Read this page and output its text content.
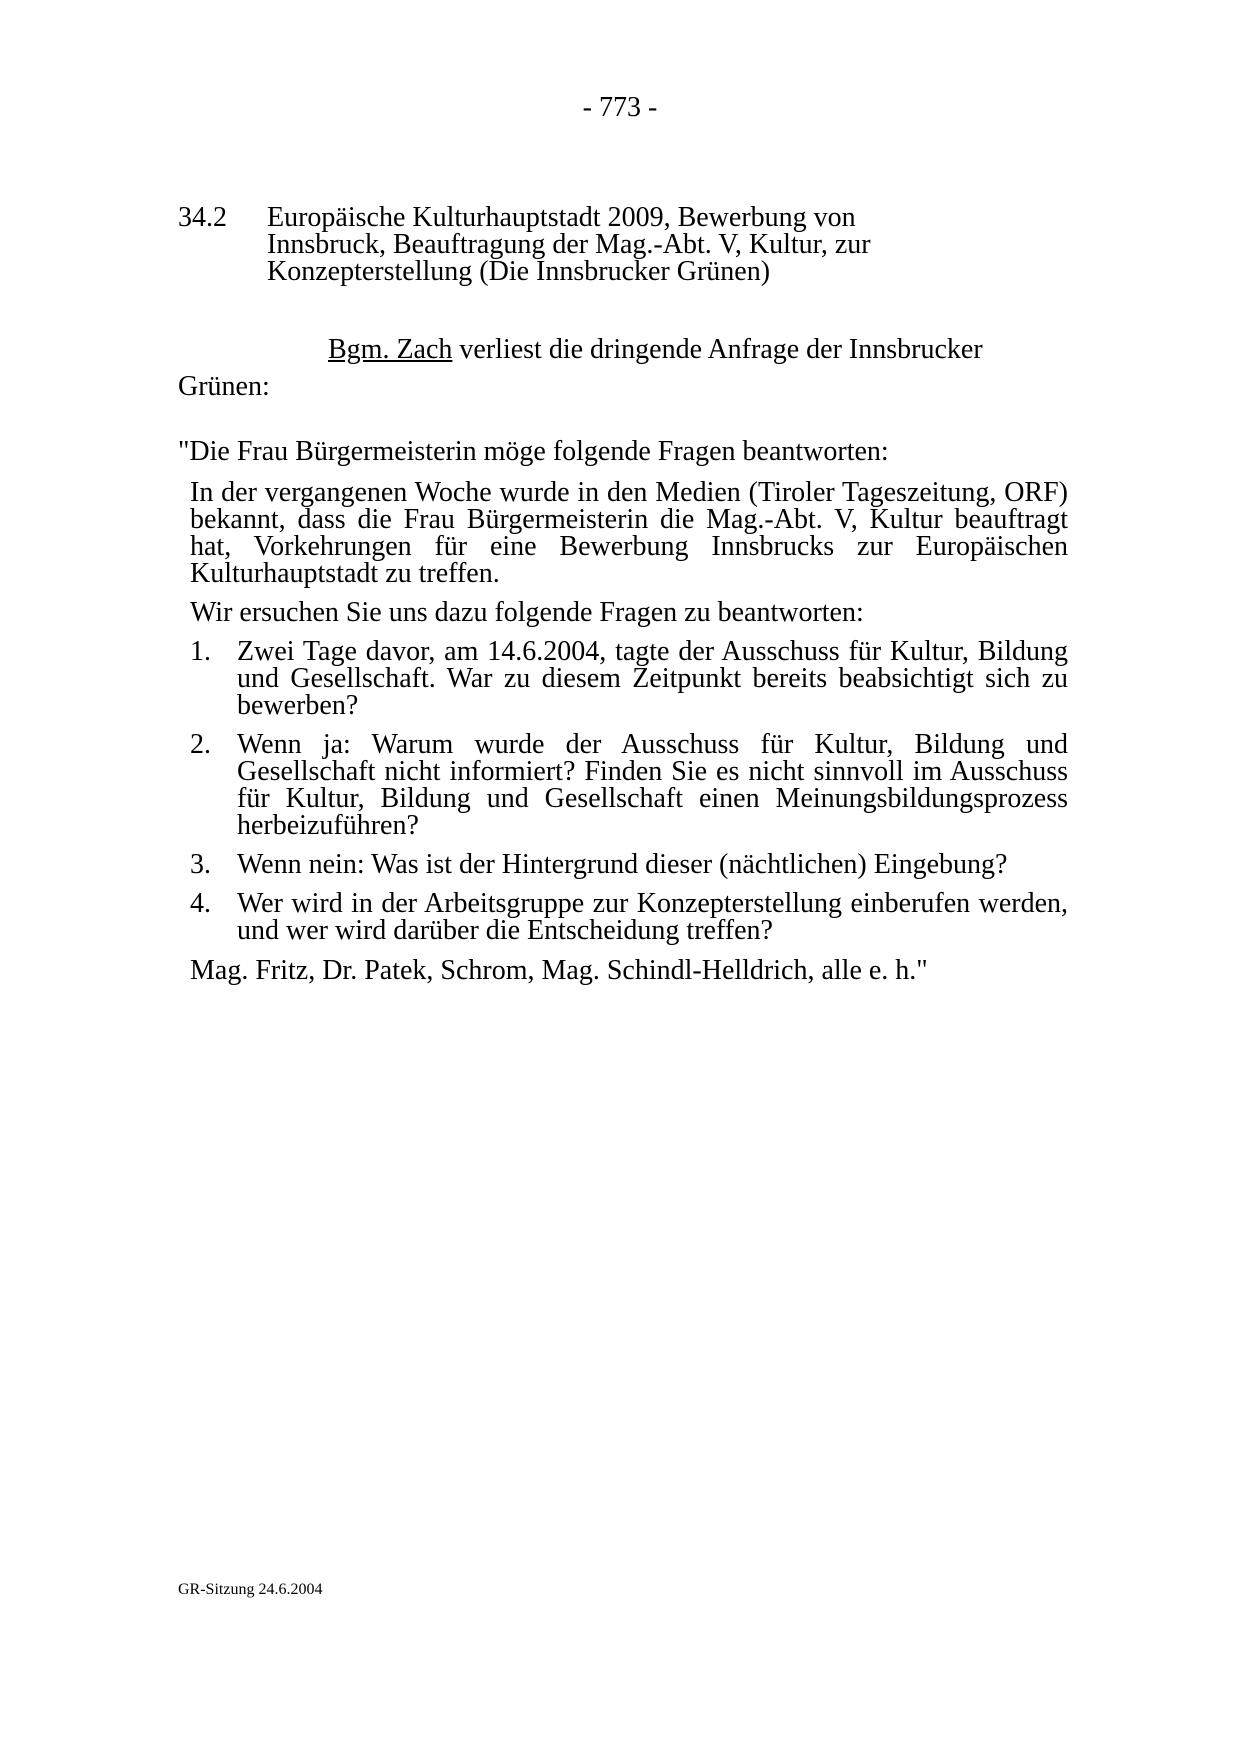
- 773 -
34.2	Europäische Kulturhauptstadt 2009, Bewerbung von Innsbruck, Beauftragung der Mag.-Abt. V, Kultur, zur Konzepterstellung (Die Innsbrucker Grünen)
Bgm. Zach verliest die dringende Anfrage der Innsbrucker Grünen:
"Die Frau Bürgermeisterin möge folgende Fragen beantworten:

In der vergangenen Woche wurde in den Medien (Tiroler Tageszeitung, ORF) bekannt, dass die Frau Bürgermeisterin die Mag.-Abt. V, Kultur beauftragt hat, Vorkehrungen für eine Bewerbung Innsbrucks zur Europäischen Kulturhauptstadt zu treffen.

Wir ersuchen Sie uns dazu folgende Fragen zu beantworten:

1. Zwei Tage davor, am 14.6.2004, tagte der Ausschuss für Kultur, Bildung und Gesellschaft. War zu diesem Zeitpunkt bereits beabsichtigt sich zu bewerben?
2. Wenn ja: Warum wurde der Ausschuss für Kultur, Bildung und Gesellschaft nicht informiert? Finden Sie es nicht sinnvoll im Ausschuss für Kultur, Bildung und Gesellschaft einen Meinungsbildungsprozess herbeizuführen?
3. Wenn nein: Was ist der Hintergrund dieser (nächtlichen) Eingebung?
4. Wer wird in der Arbeitsgruppe zur Konzepterstellung einberufen werden, und wer wird darüber die Entscheidung treffen?

Mag. Fritz, Dr. Patek, Schrom, Mag. Schindl-Helldrich, alle e. h."

GR-Sitzung 24.6.2004
